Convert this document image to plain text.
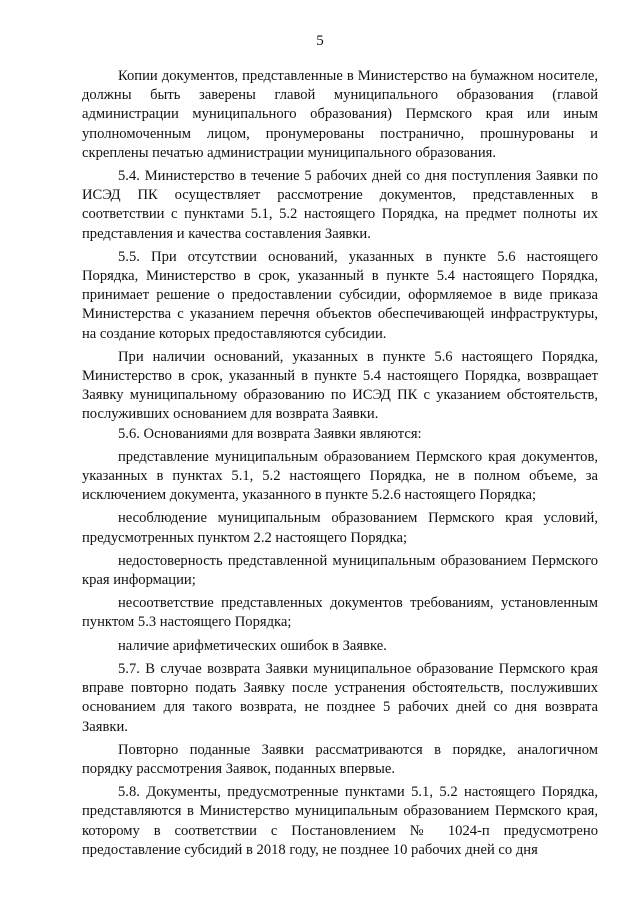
5

Копии документов, представленные в Министерство на бумажном носителе, должны быть заверены главой муниципального образования (главой администрации муниципального образования) Пермского края или иным уполномоченным лицом, пронумерованы постранично, прошнурованы и скреплены печатью администрации муниципального образования.

5.4. Министерство в течение 5 рабочих дней со дня поступления Заявки по ИСЭД ПК осуществляет рассмотрение документов, представленных в соответствии с пунктами 5.1, 5.2 настоящего Порядка, на предмет полноты их представления и качества составления Заявки.

5.5. При отсутствии оснований, указанных в пункте 5.6 настоящего Порядка, Министерство в срок, указанный в пункте 5.4 настоящего Порядка, принимает решение о предоставлении субсидии, оформляемое в виде приказа Министерства с указанием перечня объектов обеспечивающей инфраструктуры, на создание которых предоставляются субсидии.

При наличии оснований, указанных в пункте 5.6 настоящего Порядка, Министерство в срок, указанный в пункте 5.4 настоящего Порядка, возвращает Заявку муниципальному образованию по ИСЭД ПК с указанием обстоятельств, послуживших основанием для возврата Заявки.

5.6. Основаниями для возврата Заявки являются:

представление муниципальным образованием Пермского края документов, указанных в пунктах 5.1, 5.2 настоящего Порядка, не в полном объеме, за исключением документа, указанного в пункте 5.2.6 настоящего Порядка;

несоблюдение муниципальным образованием Пермского края условий, предусмотренных пунктом 2.2 настоящего Порядка;

недостоверность представленной муниципальным образованием Пермского края информации;

несоответствие представленных документов требованиям, установленным пунктом 5.3 настоящего Порядка;

наличие арифметических ошибок в Заявке.

5.7. В случае возврата Заявки муниципальное образование Пермского края вправе повторно подать Заявку после устранения обстоятельств, послуживших основанием для такого возврата, не позднее 5 рабочих дней со дня возврата Заявки.

Повторно поданные Заявки рассматриваются в порядке, аналогичном порядку рассмотрения Заявок, поданных впервые.

5.8. Документы, предусмотренные пунктами 5.1, 5.2 настоящего Порядка, представляются в Министерство муниципальным образованием Пермского края, которому в соответствии с Постановлением № 1024-п предусмотрено предоставление субсидий в 2018 году, не позднее 10 рабочих дней со дня
